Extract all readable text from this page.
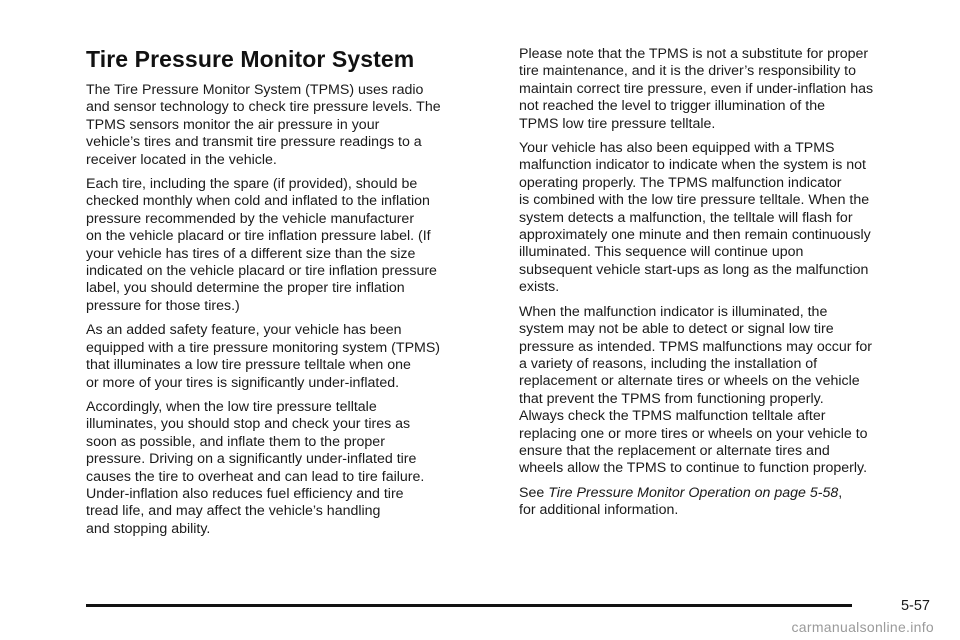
Tire Pressure Monitor System

The Tire Pressure Monitor System (TPMS) uses radio
and sensor technology to check tire pressure levels. The
TPMS sensors monitor the air pressure in your
vehicle’s tires and transmit tire pressure readings to a
receiver located in the vehicle.

Each tire, including the spare (if provided), should be
checked monthly when cold and inflated to the inflation
pressure recommended by the vehicle manufacturer
on the vehicle placard or tire inflation pressure label. (If
your vehicle has tires of a different size than the size
indicated on the vehicle placard or tire inflation pressure
label, you should determine the proper tire inflation
pressure for those tires.)

As an added safety feature, your vehicle has been
equipped with a tire pressure monitoring system (TPMS)
that illuminates a low tire pressure telltale when one
or more of your tires is significantly under-inflated.

Accordingly, when the low tire pressure telltale
illuminates, you should stop and check your tires as
soon as possible, and inflate them to the proper
pressure. Driving on a significantly under-inflated tire
causes the tire to overheat and can lead to tire failure.
Under-inflation also reduces fuel efficiency and tire
tread life, and may affect the vehicle’s handling
and stopping ability.

Please note that the TPMS is not a substitute for proper
tire maintenance, and it is the driver’s responsibility to
maintain correct tire pressure, even if under-inflation has
not reached the level to trigger illumination of the
TPMS low tire pressure telltale.

Your vehicle has also been equipped with a TPMS
malfunction indicator to indicate when the system is not
operating properly. The TPMS malfunction indicator
is combined with the low tire pressure telltale. When the
system detects a malfunction, the telltale will flash for
approximately one minute and then remain continuously
illuminated. This sequence will continue upon
subsequent vehicle start-ups as long as the malfunction
exists.

When the malfunction indicator is illuminated, the
system may not be able to detect or signal low tire
pressure as intended. TPMS malfunctions may occur for
a variety of reasons, including the installation of
replacement or alternate tires or wheels on the vehicle
that prevent the TPMS from functioning properly.
Always check the TPMS malfunction telltale after
replacing one or more tires or wheels on your vehicle to
ensure that the replacement or alternate tires and
wheels allow the TPMS to continue to function properly.

See Tire Pressure Monitor Operation on page 5-58,
for additional information.

5-57
carmanualsonline.info
